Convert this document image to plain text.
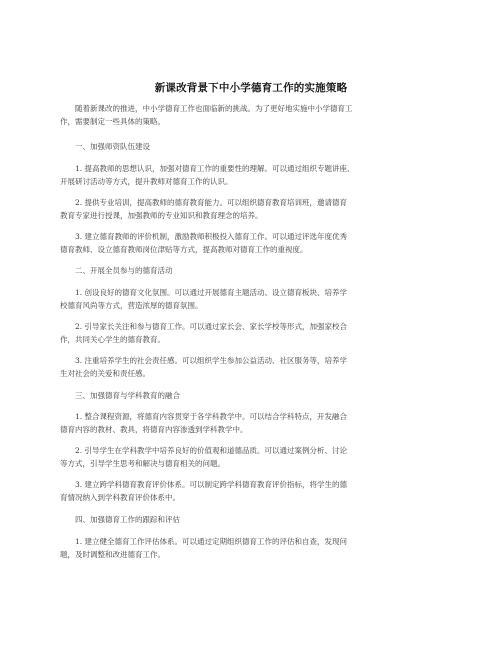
新课改背景下中小学德育工作的实施策略
随着新课改的推进，中小学德育工作也面临新的挑战。为了更好地实施中小学德育工
作，需要制定一些具体的策略。
一、加强师资队伍建设
1. 提高教师的思想认识，加强对德育工作的重要性的理解。可以通过组织专题讲座、
开展研讨活动等方式，提升教师对德育工作的认识。
2. 提供专业培训，提高教师的德育教育能力。可以组织德育教育培训班，邀请德育
教育专家进行授课，加强教师的专业知识和教育理念的培养。
3. 建立德育教师的评价机制，激励教师积极投入德育工作。可以通过评选年度优秀
德育教师、设立德育教师岗位津贴等方式，提高教师对德育工作的重视度。
二、开展全员参与的德育活动
1. 创设良好的德育文化氛围。可以通过开展德育主题活动、设立德育板块、培养学
校德育风尚等方式，营造浓厚的德育氛围。
2. 引导家长关注和参与德育工作。可以通过家长会、家长学校等形式，加强家校合
作，共同关心学生的德育教育。
3. 注重培养学生的社会责任感。可以组织学生参加公益活动、社区服务等，培养学
生对社会的关爱和责任感。
三、加强德育与学科教育的融合
1. 整合课程资源，将德育内容贯穿于各学科教学中。可以结合学科特点，开发融合
德育内容的教材、教具，将德育内容渗透到学科教学中。
2. 引导学生在学科教学中培养良好的价值观和道德品质。可以通过案例分析、讨论
等方式，引导学生思考和解决与德育相关的问题。
3. 建立跨学科德育教育评价体系。可以制定跨学科德育教育评价指标，将学生的德
育情况纳入到学科教育评价体系中。
四、加强德育工作的跟踪和评估
1. 建立健全德育工作评估体系。可以通过定期组织德育工作的评估和自查，发现问
题，及时调整和改进德育工作。
